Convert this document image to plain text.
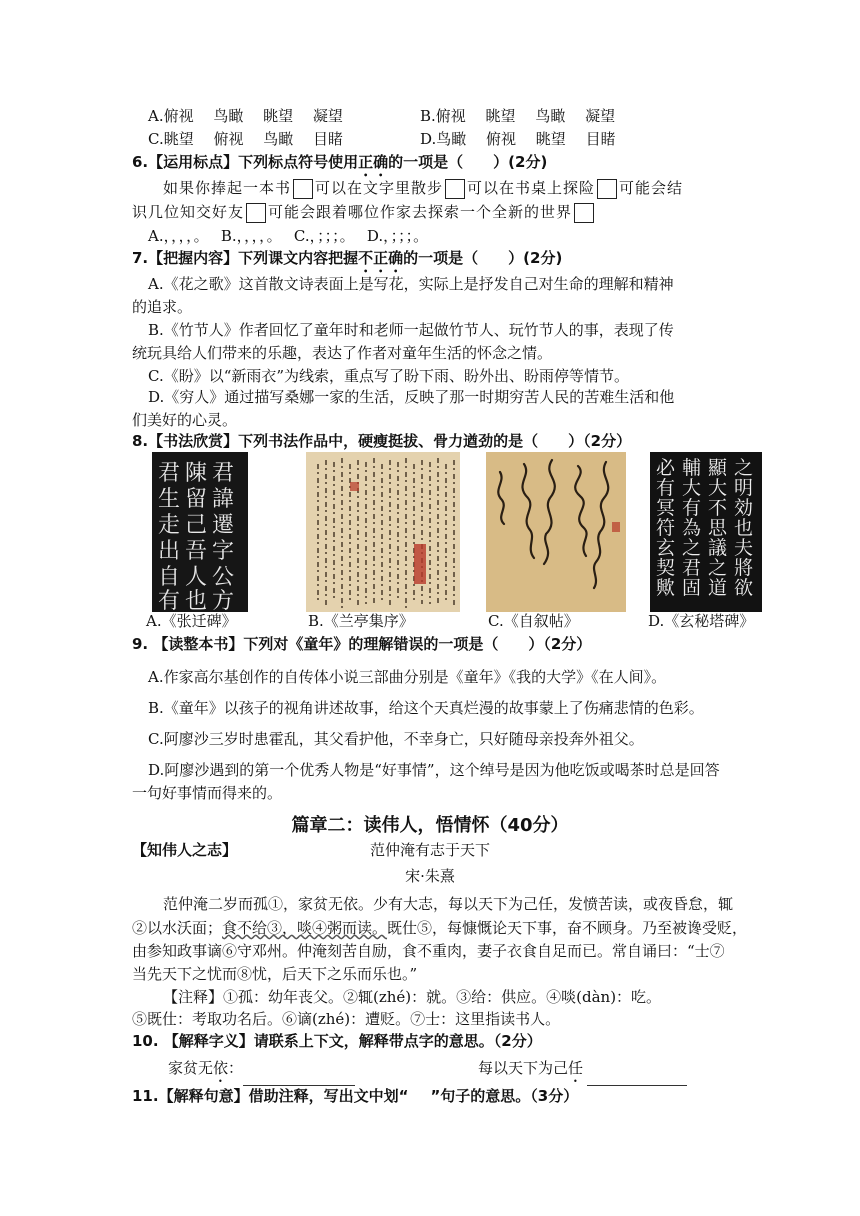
A.俯视　 鸟瞰　 眺望　 凝望	B.俯视　 眺望　 鸟瞰　 凝望
C.眺望　 俯视　 鸟瞰　 目睹	D.鸟瞰　 俯视　 眺望　 目睹
6.【运用标点】下列标点符号使用正确的一项是（　　）(2分)
如果你捧起一本书 可以在文字里散步 可以在书桌上探险 可能会结
识几位知交好友 可能会跟着哪位作家去探索一个全新的世界
A.，，，，。　 B.，，，，。　 C.，；；；。　 D.，；；；。
7.【把握内容】下列课文内容把握不正确的一项是（　　）(2分)
A.《花之歌》这首散文诗表面上是写花，实际上是抒发自己对生命的理解和精神
的追求。
B.《竹节人》作者回忆了童年时和老师一起做竹节人、玩竹节人的事，表现了传
统玩具给人们带来的乐趣，表达了作者对童年生活的怀念之情。
C.《盼》以“新雨衣”为线索，重点写了盼下雨、盼外出、盼雨停等情节。
D.《穷人》通过描写桑娜一家的生活，反映了那一时期穷苦人民的苦难生活和他
们美好的心灵。
8.【书法欣赏】下列书法作品中，硬瘦挺拔、骨力遒劲的是（　　）（2分）
君
諱
遷
字
公
方
陳
留
己
吾
人
也
君
生
走
出
自
有
之
明
効
也
夫
將
欲
顯
大
不
思
議
之
道
輔
大
有
為
之
君
固
必
有
冥
符
玄
契
歟
A.《张迁碑》	B.《兰亭集序》	C.《自叙帖》	D.《玄秘塔碑》
9. 【读整本书】下列对《童年》的理解错误的一项是（　　）（2分）
A.作家高尔基创作的自传体小说三部曲分别是《童年》《我的大学》《在人间》。
B.《童年》以孩子的视角讲述故事，给这个天真烂漫的故事蒙上了伤痛悲情的色彩。
C.阿廖沙三岁时患霍乱，其父看护他，不幸身亡，只好随母亲投奔外祖父。
D.阿廖沙遇到的第一个优秀人物是“好事情”，这个绰号是因为他吃饭或喝茶时总是回答
一句好事情而得来的。
篇章二：读伟人，悟情怀（40分）
【知伟人之志】	范仲淹有志于天下
宋·朱熹
范仲淹二岁而孤①，家贫无依。少有大志，每以天下为己任，发愤苦读，或夜昏怠，辄
②以水沃面；食不给③，啖④粥而读。既仕⑤，每慷慨论天下事，奋不顾身。乃至被谗受贬，
由参知政事谪⑥守邓州。仲淹刻苦自励，食不重肉，妻子衣食自足而已。常自诵曰：“士⑦
当先天下之忧而⑧忧，后天下之乐而乐也。”
【注释】①孤：幼年丧父。②辄(zhé)：就。③给：供应。④啖(dàn)：吃。
⑤既仕：考取功名后。⑥谪(zhé)：遭贬。⑦士：这里指读书人。
10. 【解释字义】请联系上下文，解释带点字的意思。（2分）
家贫无依：	每以天下为己任
11.【解释句意】借助注释，写出文中划“ ”句子的意思。（3分）
